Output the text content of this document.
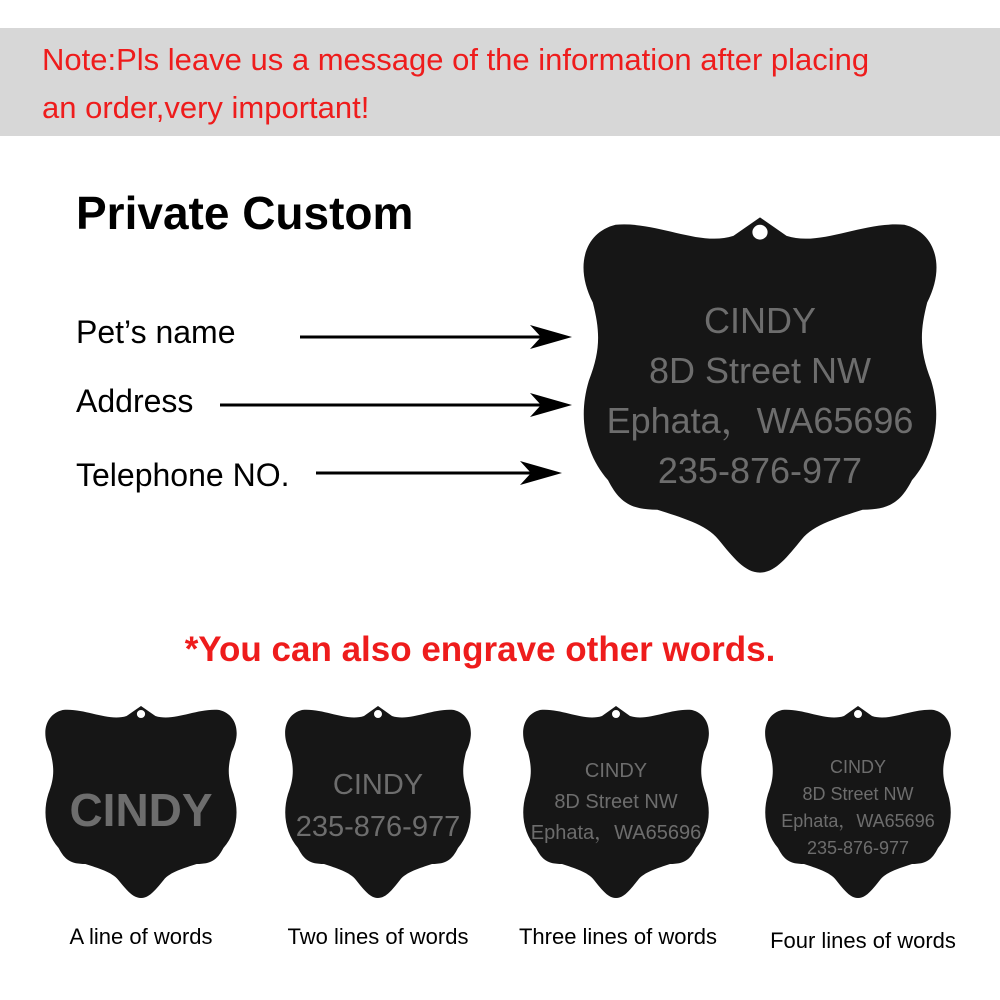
Note:Pls leave us a message of the information after placing
an order,very important!
Private Custom
Pet’s name
Address
Telephone NO.
CINDY
8D Street NW
Ephata，WA65696
235-876-977
*You can also engrave other words.
CINDY	CINDY
235-876-977
CINDY
8D Street NW
Ephata，WA65696
CINDY
8D Street NW
Ephata，WA65696
235-876-977
A line of words	Two lines of words	Three lines of words	Four lines of words
